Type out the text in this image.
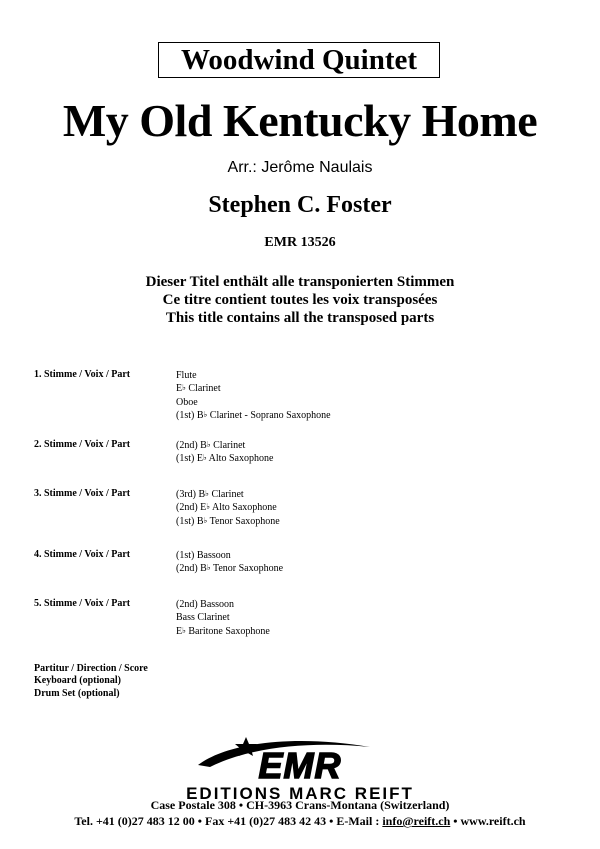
Woodwind Quintet
My Old Kentucky Home
Arr.: Jerôme Naulais
Stephen C. Foster
EMR 13526
Dieser Titel enthält alle transponierten Stimmen
Ce titre contient toutes les voix transposées
This title contains all the transposed parts
1. Stimme / Voix / Part	Flute
E♭ Clarinet
Oboe
(1st) B♭ Clarinet - Soprano Saxophone
2. Stimme / Voix / Part	(2nd) B♭ Clarinet
(1st) E♭ Alto Saxophone
3. Stimme / Voix / Part	(3rd) B♭ Clarinet
(2nd) E♭ Alto Saxophone
(1st) B♭ Tenor Saxophone
4. Stimme / Voix / Part	(1st) Bassoon
(2nd) B♭ Tenor Saxophone
5. Stimme / Voix / Part	(2nd) Bassoon
Bass Clarinet
E♭ Baritone Saxophone
Partitur / Direction / Score
Keyboard (optional)
Drum Set (optional)
EMR
EDITIONS MARC REIFT
Case Postale 308 • CH-3963 Crans-Montana (Switzerland)
Tel. +41 (0)27 483 12 00 • Fax +41 (0)27 483 42 43 • E-Mail : info@reift.ch • www.reift.ch
